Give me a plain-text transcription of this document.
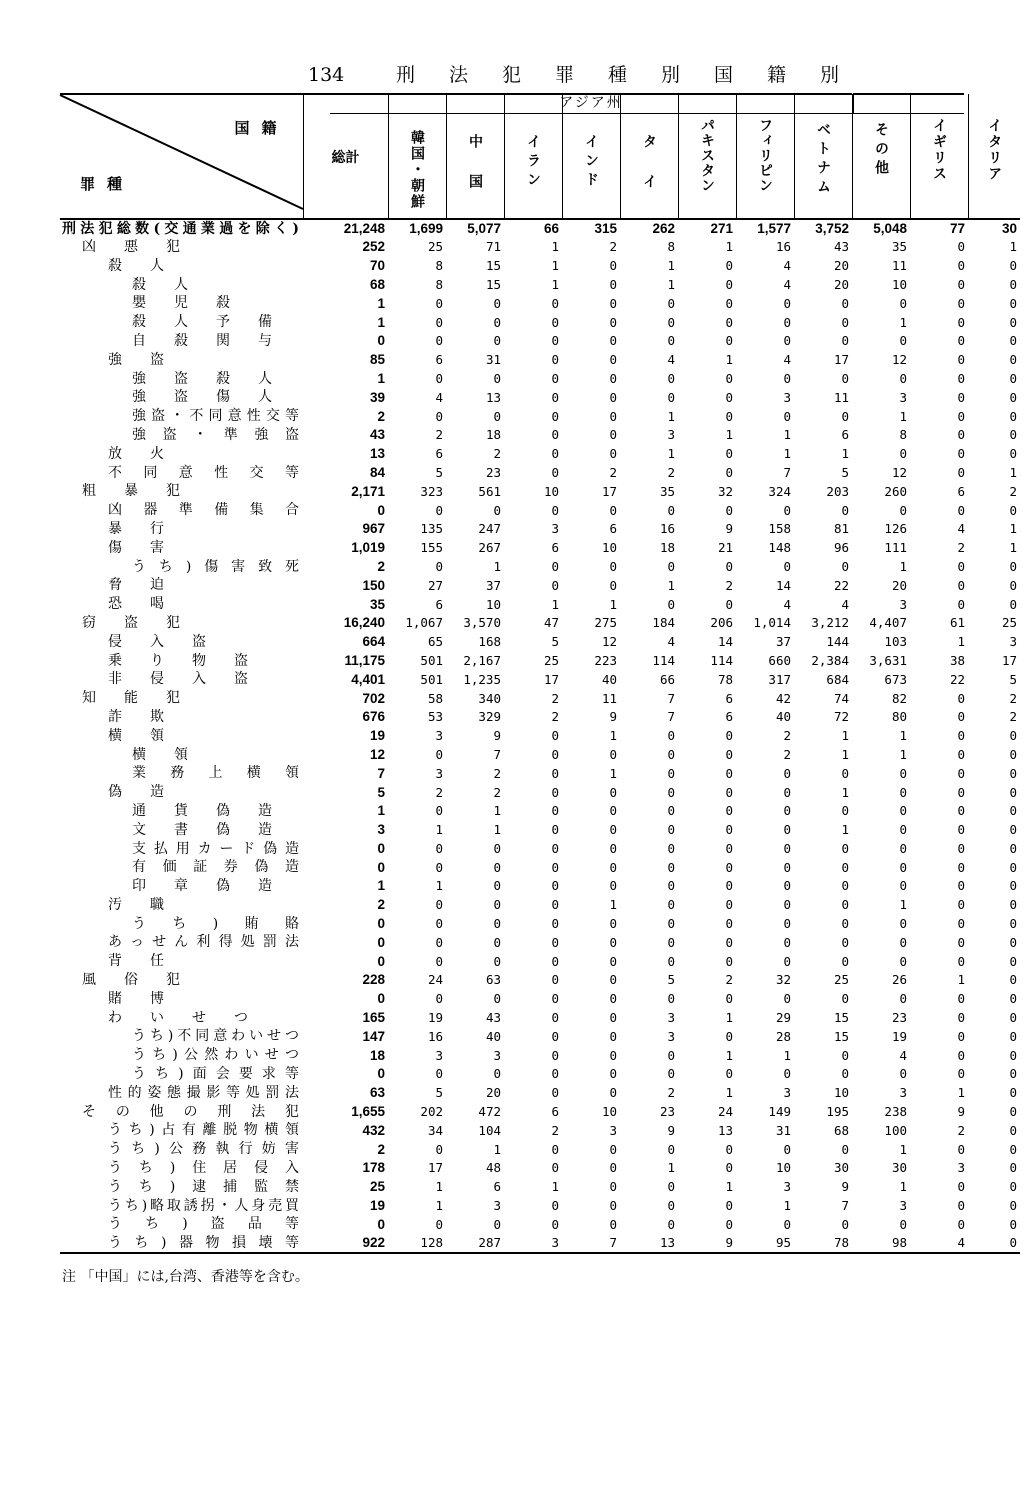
134	刑法犯罪種別国籍別
アジア州
国籍
罪種	総計	韓国・朝鮮	中国	イラン	インド	タイ	パキスタン	フィリピン	ベトナム	その他	イギリス	イタリア

刑法犯総数(交通業過を除く)	21,248	1,699	5,077	66	315	262	271	1,577	3,752	5,048	77	30

凶悪犯	252	25	71	1	2	8	1	16	43	35	0	1

殺人	70	8	15	1	0	1	0	4	20	11	0	0

殺人	68	8	15	1	0	1	0	4	20	10	0	0

嬰児殺	1	0	0	0	0	0	0	0	0	0	0	0

殺人予備	1	0	0	0	0	0	0	0	0	1	0	0

自殺関与	0	0	0	0	0	0	0	0	0	0	0	0

強盗	85	6	31	0	0	4	1	4	17	12	0	0

強盗殺人	1	0	0	0	0	0	0	0	0	0	0	0

強盗傷人	39	4	13	0	0	0	0	3	11	3	0	0

強盗・不同意性交等	2	0	0	0	0	1	0	0	0	1	0	0

強盗・準強盗	43	2	18	0	0	3	1	1	6	8	0	0

放火	13	6	2	0	0	1	0	1	1	0	0	0

不同意性交等	84	5	23	0	2	2	0	7	5	12	0	1

粗暴犯	2,171	323	561	10	17	35	32	324	203	260	6	2

凶器準備集合	0	0	0	0	0	0	0	0	0	0	0	0

暴行	967	135	247	3	6	16	9	158	81	126	4	1

傷害	1,019	155	267	6	10	18	21	148	96	111	2	1

うち)傷害致死	2	0	1	0	0	0	0	0	0	1	0	0

脅迫	150	27	37	0	0	1	2	14	22	20	0	0

恐喝	35	6	10	1	1	0	0	4	4	3	0	0

窃盗犯	16,240	1,067	3,570	47	275	184	206	1,014	3,212	4,407	61	25

侵入盗	664	65	168	5	12	4	14	37	144	103	1	3

乗り物盗	11,175	501	2,167	25	223	114	114	660	2,384	3,631	38	17

非侵入盗	4,401	501	1,235	17	40	66	78	317	684	673	22	5

知能犯	702	58	340	2	11	7	6	42	74	82	0	2

詐欺	676	53	329	2	9	7	6	40	72	80	0	2

横領	19	3	9	0	1	0	0	2	1	1	0	0

横領	12	0	7	0	0	0	0	2	1	1	0	0

業務上横領	7	3	2	0	1	0	0	0	0	0	0	0

偽造	5	2	2	0	0	0	0	0	1	0	0	0

通貨偽造	1	0	1	0	0	0	0	0	0	0	0	0

文書偽造	3	1	1	0	0	0	0	0	1	0	0	0

支払用カード偽造	0	0	0	0	0	0	0	0	0	0	0	0

有価証券偽造	0	0	0	0	0	0	0	0	0	0	0	0

印章偽造	1	1	0	0	0	0	0	0	0	0	0	0

汚職	2	0	0	0	1	0	0	0	0	1	0	0

うち)賄賂	0	0	0	0	0	0	0	0	0	0	0	0

あっせん利得処罰法	0	0	0	0	0	0	0	0	0	0	0	0

背任	0	0	0	0	0	0	0	0	0	0	0	0

風俗犯	228	24	63	0	0	5	2	32	25	26	1	0

賭博	0	0	0	0	0	0	0	0	0	0	0	0

わいせつ	165	19	43	0	0	3	1	29	15	23	0	0

うち)不同意わいせつ	147	16	40	0	0	3	0	28	15	19	0	0

うち)公然わいせつ	18	3	3	0	0	0	1	1	0	4	0	0

うち)面会要求等	0	0	0	0	0	0	0	0	0	0	0	0

性的姿態撮影等処罰法	63	5	20	0	0	2	1	3	10	3	1	0

その他の刑法犯	1,655	202	472	6	10	23	24	149	195	238	9	0

うち)占有離脱物横領	432	34	104	2	3	9	13	31	68	100	2	0

うち)公務執行妨害	2	0	1	0	0	0	0	0	0	1	0	0

うち)住居侵入	178	17	48	0	0	1	0	10	30	30	3	0

うち)逮捕監禁	25	1	6	1	0	0	1	3	9	1	0	0

うち)略取誘拐・人身売買	19	1	3	0	0	0	0	1	7	3	0	0

うち)盗品等	0	0	0	0	0	0	0	0	0	0	0	0

うち)器物損壊等	922	128	287	3	7	13	9	95	78	98	4	0
注 「中国」には,台湾、香港等を含む。
